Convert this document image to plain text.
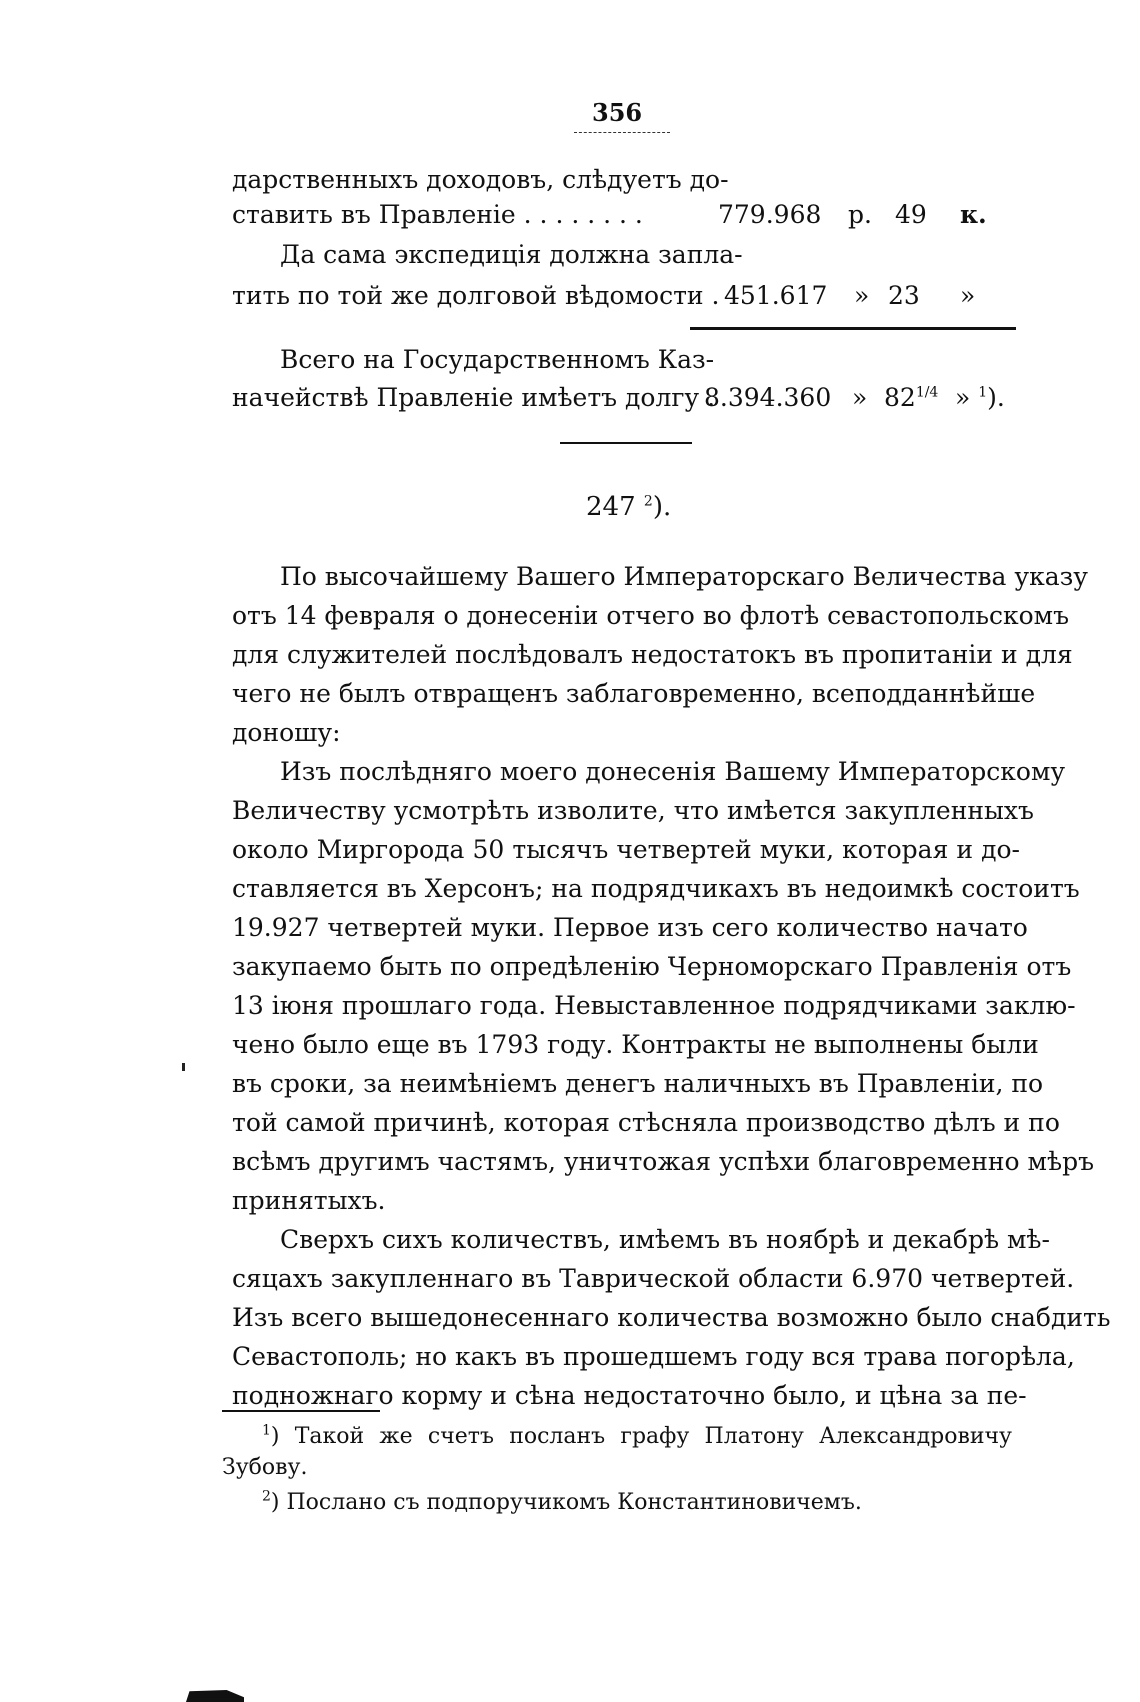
356
дарственныхъ доходовъ, слѣдуетъ до-
ставить въ Правленіе . . . . . . . .	779.968 р. 49 к.
Да сама экспедиція должна запла-
тить по той же долговой вѣдомости . 451.617 » 23 »
Всего на Государственномъ Каз-
начействѣ Правленіе имѣетъ долгу .
8.394.360 » $82^{1/4}$ » $^1$).
247 $^2$).
По высочайшему Вашего Императорскаго Величества указу
отъ 14 февраля о донесеніи отчего во флотѣ севастопольскомъ
для служителей послѣдовалъ недостатокъ въ пропитаніи и для
чего не былъ отвращенъ заблаговременно, всеподданнѣйше
доношу:
Изъ послѣдняго моего донесенія Вашему Императорскому
Величеству усмотрѣть изволите, что имѣется закупленныхъ
около Миргорода 50 тысячъ четвертей муки, которая и до-
ставляется въ Херсонъ; на подрядчикахъ въ недоимкѣ состоитъ
19.927 четвертей муки. Первое изъ сего количество начато
закупаемо быть по опредѣленію Черноморскаго Правленія отъ
13 іюня прошлаго года. Невыставленное подрядчиками заклю-
чено было еще въ 1793 году. Контракты не выполнены были
въ сроки, за неимѣніемъ денегъ наличныхъ въ Правленіи, по
той самой причинѣ, которая стѣсняла производство дѣлъ и по
всѣмъ другимъ частямъ, уничтожая успѣхи благовременно мѣръ
принятыхъ.
Сверхъ сихъ количествъ, имѣемъ въ ноябрѣ и декабрѣ мѣ-
сяцахъ закупленнаго въ Таврической области 6.970 четвертей.
Изъ всего вышедонесеннаго количества возможно было снабдить
Севастополь; но какъ въ прошедшемъ году вся трава погорѣла,
подножнаго корму и сѣна недостаточно было, и цѣна за пе-
$^1$) Такой же счетъ посланъ графу Платону Александровичу
Зубову.
$^2$) Послано съ подпоручикомъ Константиновичемъ.
